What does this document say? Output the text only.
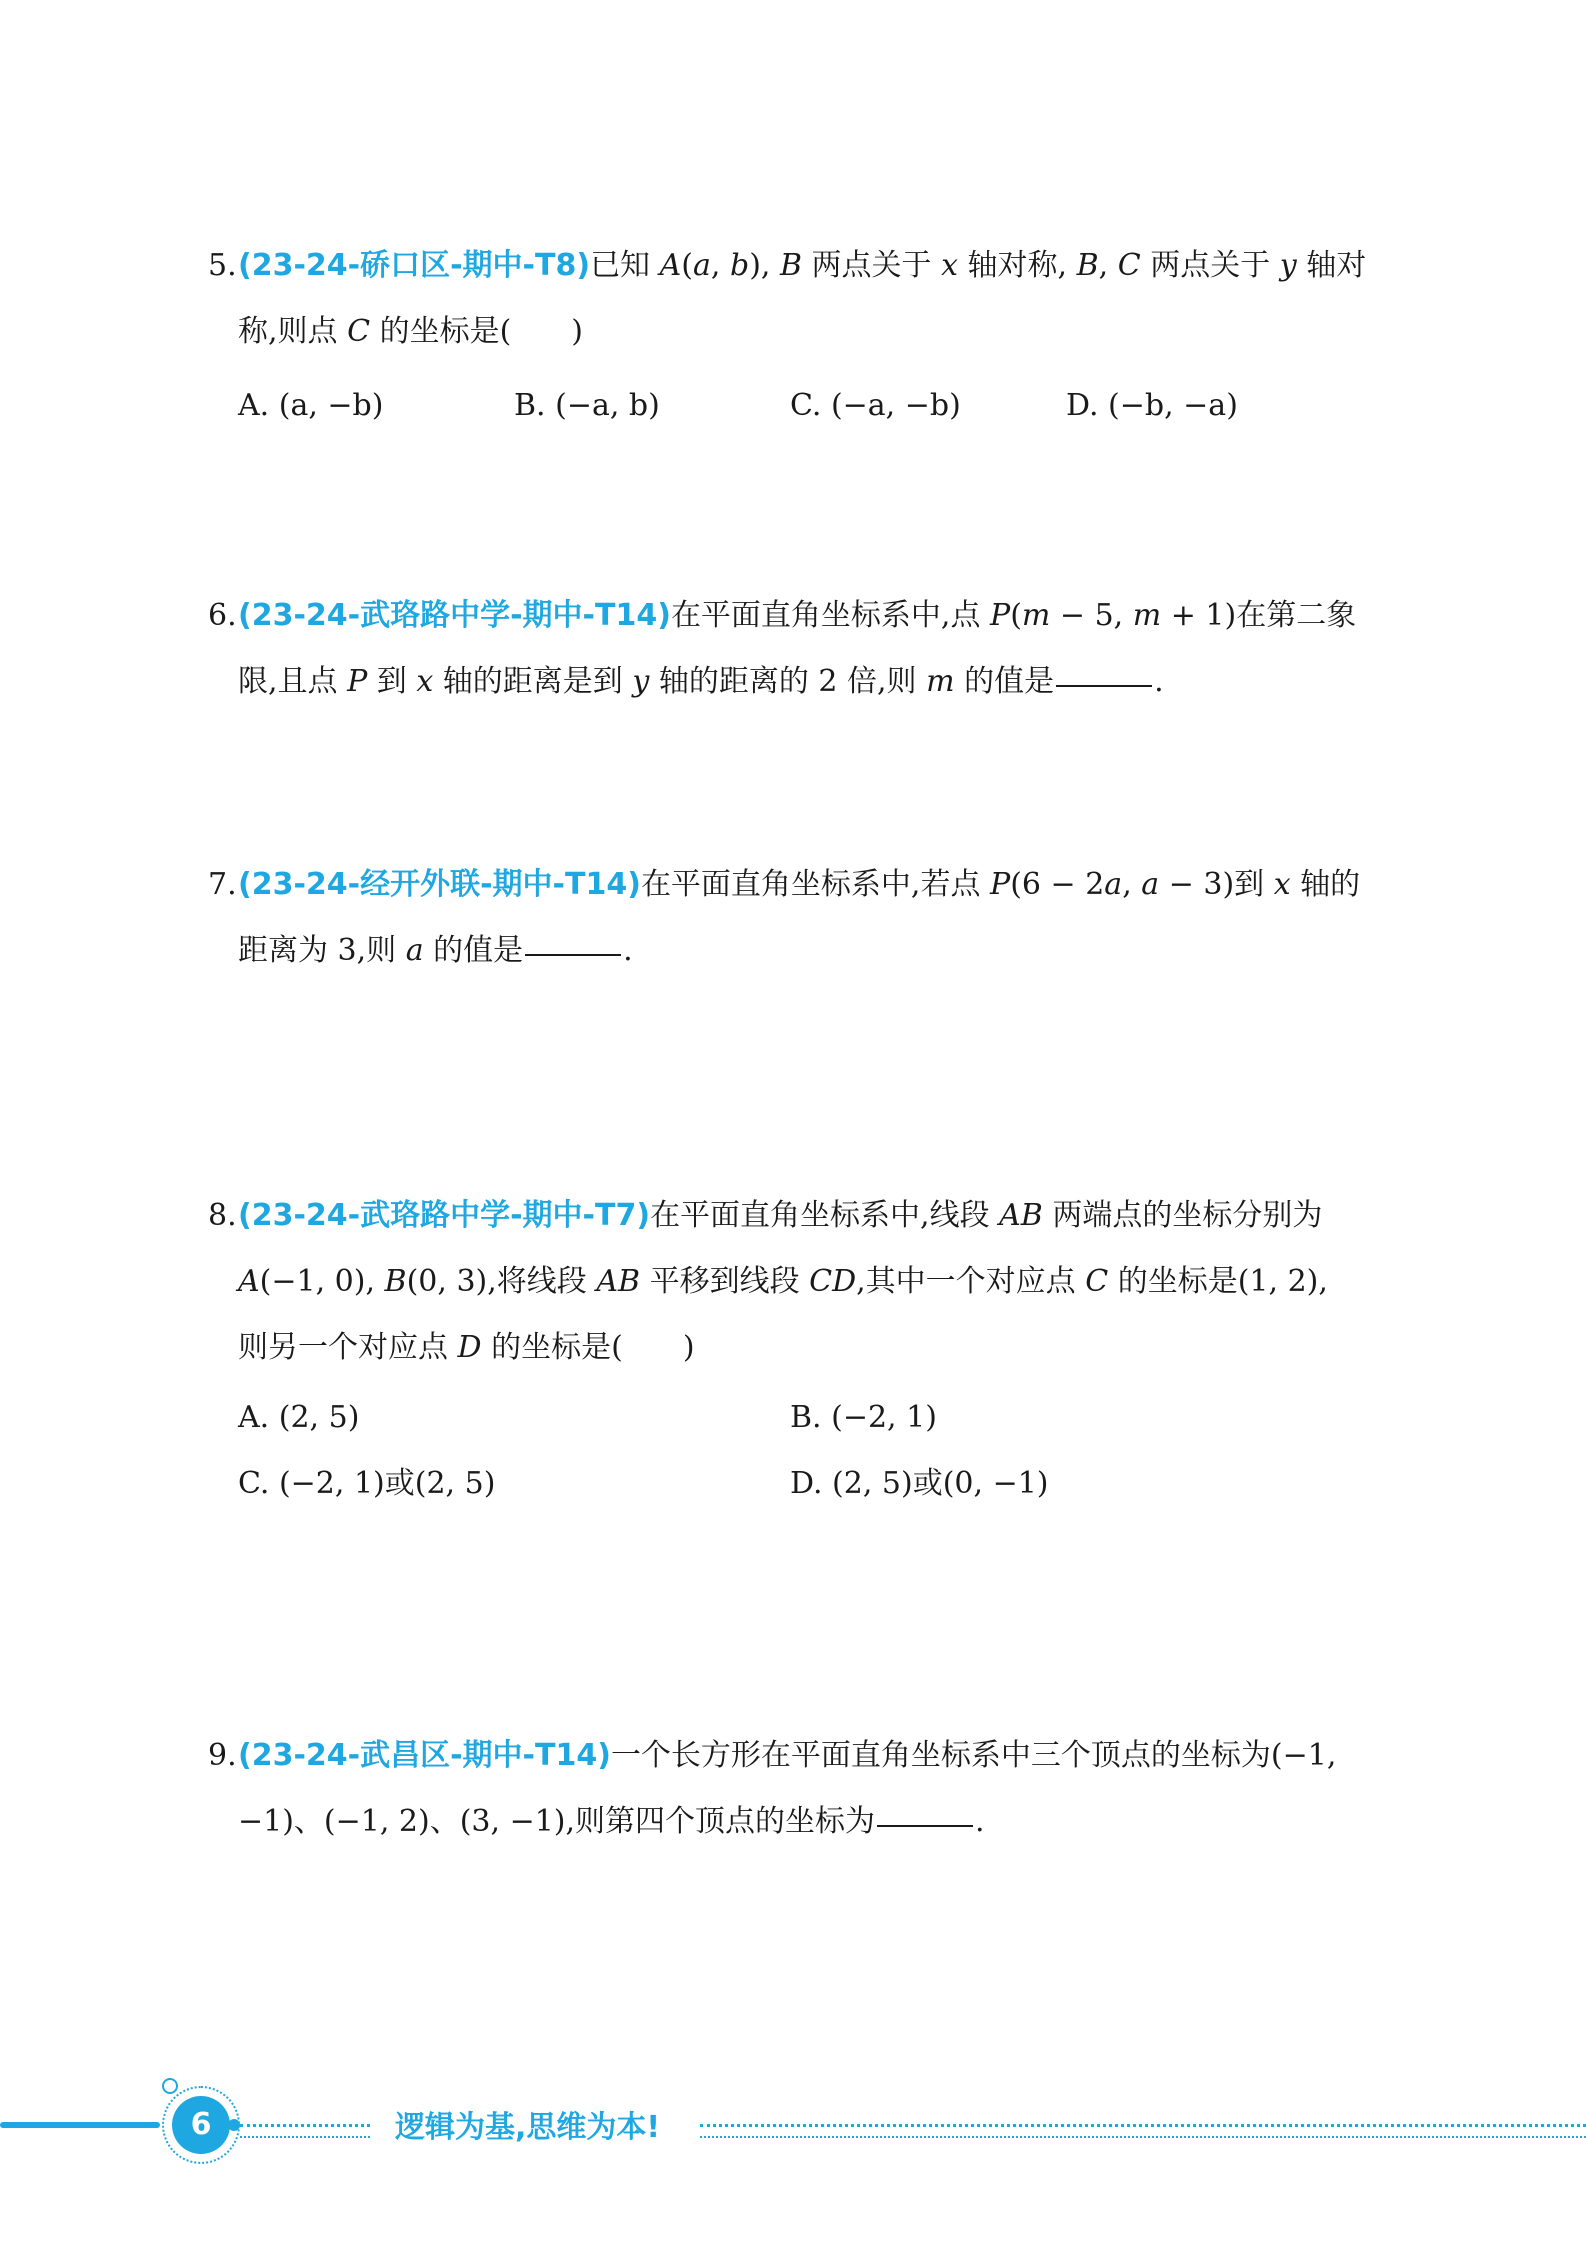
5.(23-24-硚口区-期中-T8)已知 A(a, b), B 两点关于 x 轴对称, B, C 两点关于 y 轴对
称,则点 C 的坐标是( )
A. (a, −b)	B. (−a, b)	C. (−a, −b)	D. (−b, −a)
6.(23-24-武珞路中学-期中-T14)在平面直角坐标系中,点 P(m − 5, m + 1)在第二象
限,且点 P 到 x 轴的距离是到 y 轴的距离的 2 倍,则 m 的值是	.
7.(23-24-经开外联-期中-T14)在平面直角坐标系中,若点 P(6 − 2a, a − 3)到 x 轴的
距离为 3,则 a 的值是	.
8.(23-24-武珞路中学-期中-T7)在平面直角坐标系中,线段 AB 两端点的坐标分别为
A(−1, 0), B(0, 3),将线段 AB 平移到线段 CD,其中一个对应点 C 的坐标是(1, 2),
则另一个对应点 D 的坐标是( )
A. (2, 5)	B. (−2, 1)
C. (−2, 1)或(2, 5)	D. (2, 5)或(0, −1)
9.(23-24-武昌区-期中-T14)一个长方形在平面直角坐标系中三个顶点的坐标为(−1,
−1)、(−1, 2)、(3, −1),则第四个顶点的坐标为	.
6	逻辑为基,思维为本!
